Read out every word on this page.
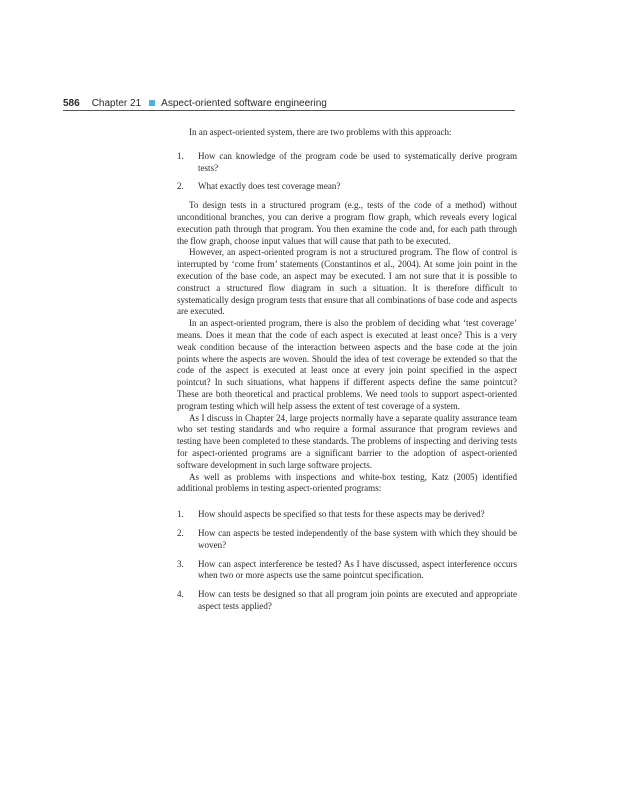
586 Chapter 21 Aspect-oriented software engineering

In an aspect-oriented system, there are two problems with this approach:

1. How can knowledge of the program code be used to systematically derive program tests?
2. What exactly does test coverage mean?

To design tests in a structured program (e.g., tests of the code of a method) without unconditional branches, you can derive a program flow graph, which reveals every logical execution path through that program. You then examine the code and, for each path through the flow graph, choose input values that will cause that path to be executed.

However, an aspect-oriented program is not a structured program. The flow of control is interrupted by ‘come from’ statements (Constantinos et al., 2004). At some join point in the execution of the base code, an aspect may be executed. I am not sure that it is possible to construct a structured flow diagram in such a situation. It is therefore difficult to systematically design program tests that ensure that all combinations of base code and aspects are executed.

In an aspect-oriented program, there is also the problem of deciding what ‘test coverage’ means. Does it mean that the code of each aspect is executed at least once? This is a very weak condition because of the interaction between aspects and the base code at the join points where the aspects are woven. Should the idea of test coverage be extended so that the code of the aspect is executed at least once at every join point specified in the aspect pointcut? In such situations, what happens if different aspects define the same pointcut? These are both theoretical and practical problems. We need tools to support aspect-oriented program testing which will help assess the extent of test coverage of a system.

As I discuss in Chapter 24, large projects normally have a separate quality assurance team who set testing standards and who require a formal assurance that program reviews and testing have been completed to these standards. The problems of inspecting and deriving tests for aspect-oriented programs are a significant barrier to the adoption of aspect-oriented software development in such large software projects.

As well as problems with inspections and white-box testing, Katz (2005) identified additional problems in testing aspect-oriented programs:

1. How should aspects be specified so that tests for these aspects may be derived?
2. How can aspects be tested independently of the base system with which they should be woven?
3. How can aspect interference be tested? As I have discussed, aspect interference occurs when two or more aspects use the same pointcut specification.
4. How can tests be designed so that all program join points are executed and appropriate aspect tests applied?
